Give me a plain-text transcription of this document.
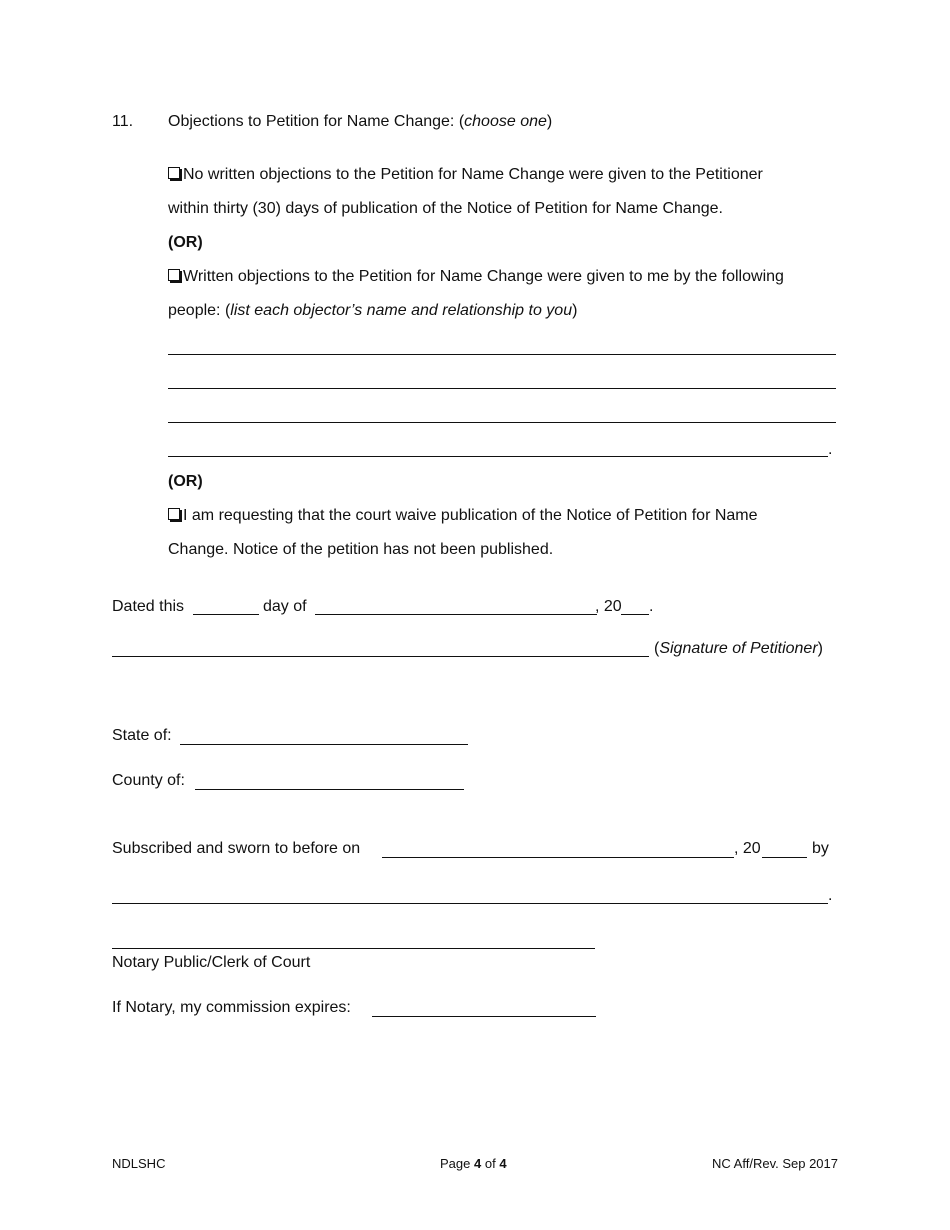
11. Objections to Petition for Name Change: (choose one)
No written objections to the Petition for Name Change were given to the Petitioner
within thirty (30) days of publication of the Notice of Petition for Name Change.
(OR)
Written objections to the Petition for Name Change were given to me by the following
people: (list each objector’s name and relationship to you)
.
(OR)
I am requesting that the court waive publication of the Notice of Petition for Name
Change. Notice of the petition has not been published.
Dated this	day of	, 20 .
(Signature of Petitioner)
State of:
County of:
Subscribed and sworn to before on	, 20	by
.
Notary Public/Clerk of Court
If Notary, my commission expires:
NDLSHC	Page 4 of 4	NC Aff/Rev. Sep 2017
